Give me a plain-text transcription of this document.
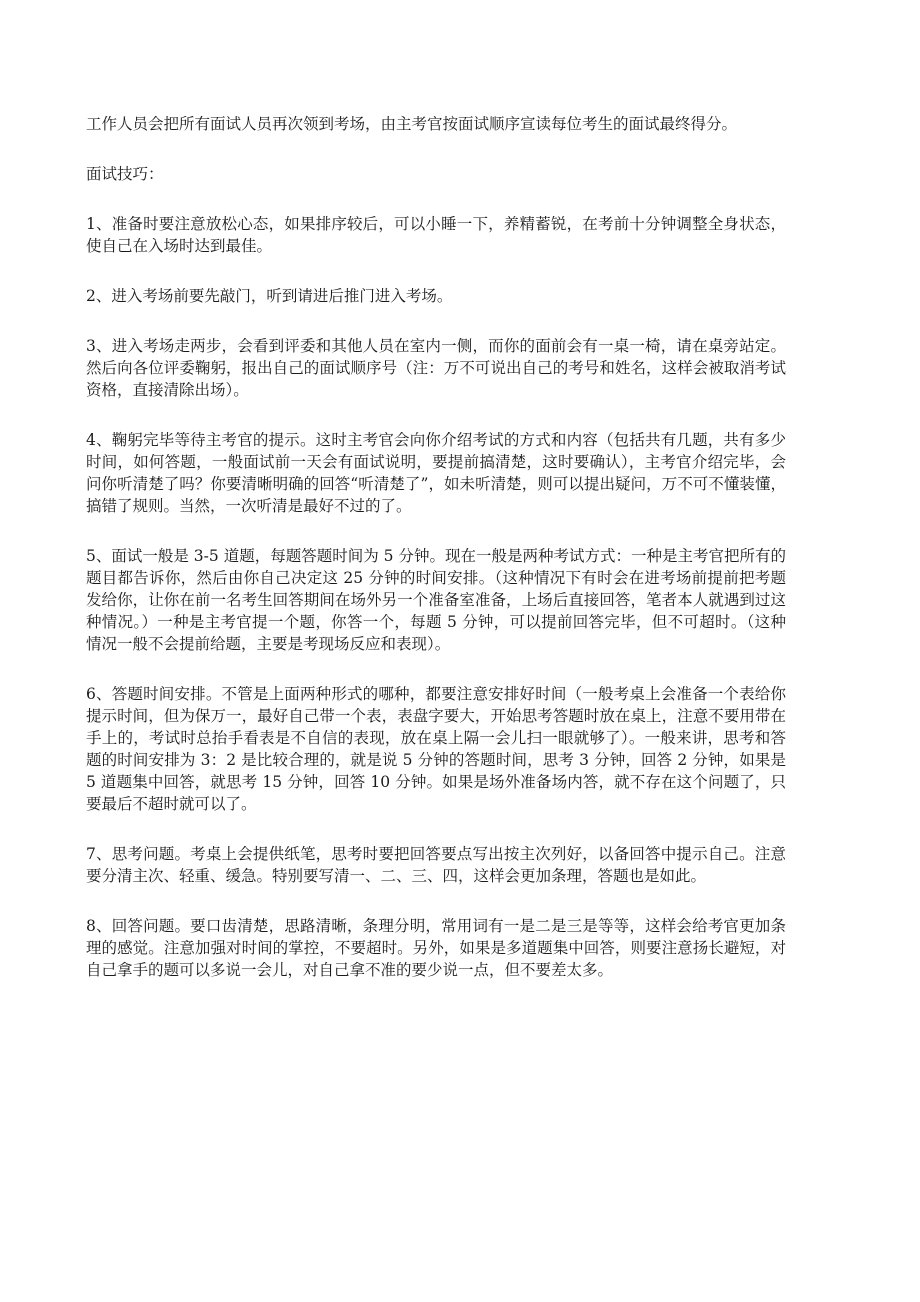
工作人员会把所有面试人员再次领到考场，由主考官按面试顺序宣读每位考生的面试最终得分。

面试技巧：

1、准备时要注意放松心态，如果排序较后，可以小睡一下，养精蓄锐，在考前十分钟调整全身状态，使自己在入场时达到最佳。

2、进入考场前要先敲门，听到请进后推门进入考场。

3、进入考场走两步，会看到评委和其他人员在室内一侧，而你的面前会有一桌一椅，请在桌旁站定。然后向各位评委鞠躬，报出自己的面试顺序号（注：万不可说出自己的考号和姓名，这样会被取消考试资格，直接清除出场）。

4、鞠躬完毕等待主考官的提示。这时主考官会向你介绍考试的方式和内容（包括共有几题，共有多少时间，如何答题，一般面试前一天会有面试说明，要提前搞清楚，这时要确认），主考官介绍完毕，会问你听清楚了吗？你要清晰明确的回答“听清楚了”，如未听清楚，则可以提出疑问，万不可不懂装懂，搞错了规则。当然，一次听清是最好不过的了。

5、面试一般是 3-5 道题，每题答题时间为 5 分钟。现在一般是两种考试方式：一种是主考官把所有的题目都告诉你，然后由你自己决定这 25 分钟的时间安排。（这种情况下有时会在进考场前提前把考题发给你，让你在前一名考生回答期间在场外另一个准备室准备，上场后直接回答，笔者本人就遇到过这种情况。）一种是主考官提一个题，你答一个，每题 5 分钟，可以提前回答完毕，但不可超时。（这种情况一般不会提前给题，主要是考现场反应和表现）。

6、答题时间安排。不管是上面两种形式的哪种，都要注意安排好时间（一般考桌上会准备一个表给你提示时间，但为保万一，最好自己带一个表，表盘字要大，开始思考答题时放在桌上，注意不要用带在手上的，考试时总抬手看表是不自信的表现，放在桌上隔一会儿扫一眼就够了）。一般来讲，思考和答题的时间安排为 3：2 是比较合理的，就是说 5 分钟的答题时间，思考 3 分钟，回答 2 分钟，如果是 5 道题集中回答，就思考 15 分钟，回答 10 分钟。如果是场外准备场内答，就不存在这个问题了，只要最后不超时就可以了。

7、思考问题。考桌上会提供纸笔，思考时要把回答要点写出按主次列好，以备回答中提示自己。注意要分清主次、轻重、缓急。特别要写清一、二、三、四，这样会更加条理，答题也是如此。

8、回答问题。要口齿清楚，思路清晰，条理分明，常用词有一是二是三是等等，这样会给考官更加条理的感觉。注意加强对时间的掌控，不要超时。另外，如果是多道题集中回答，则要注意扬长避短，对自己拿手的题可以多说一会儿，对自己拿不准的要少说一点，但不要差太多。
